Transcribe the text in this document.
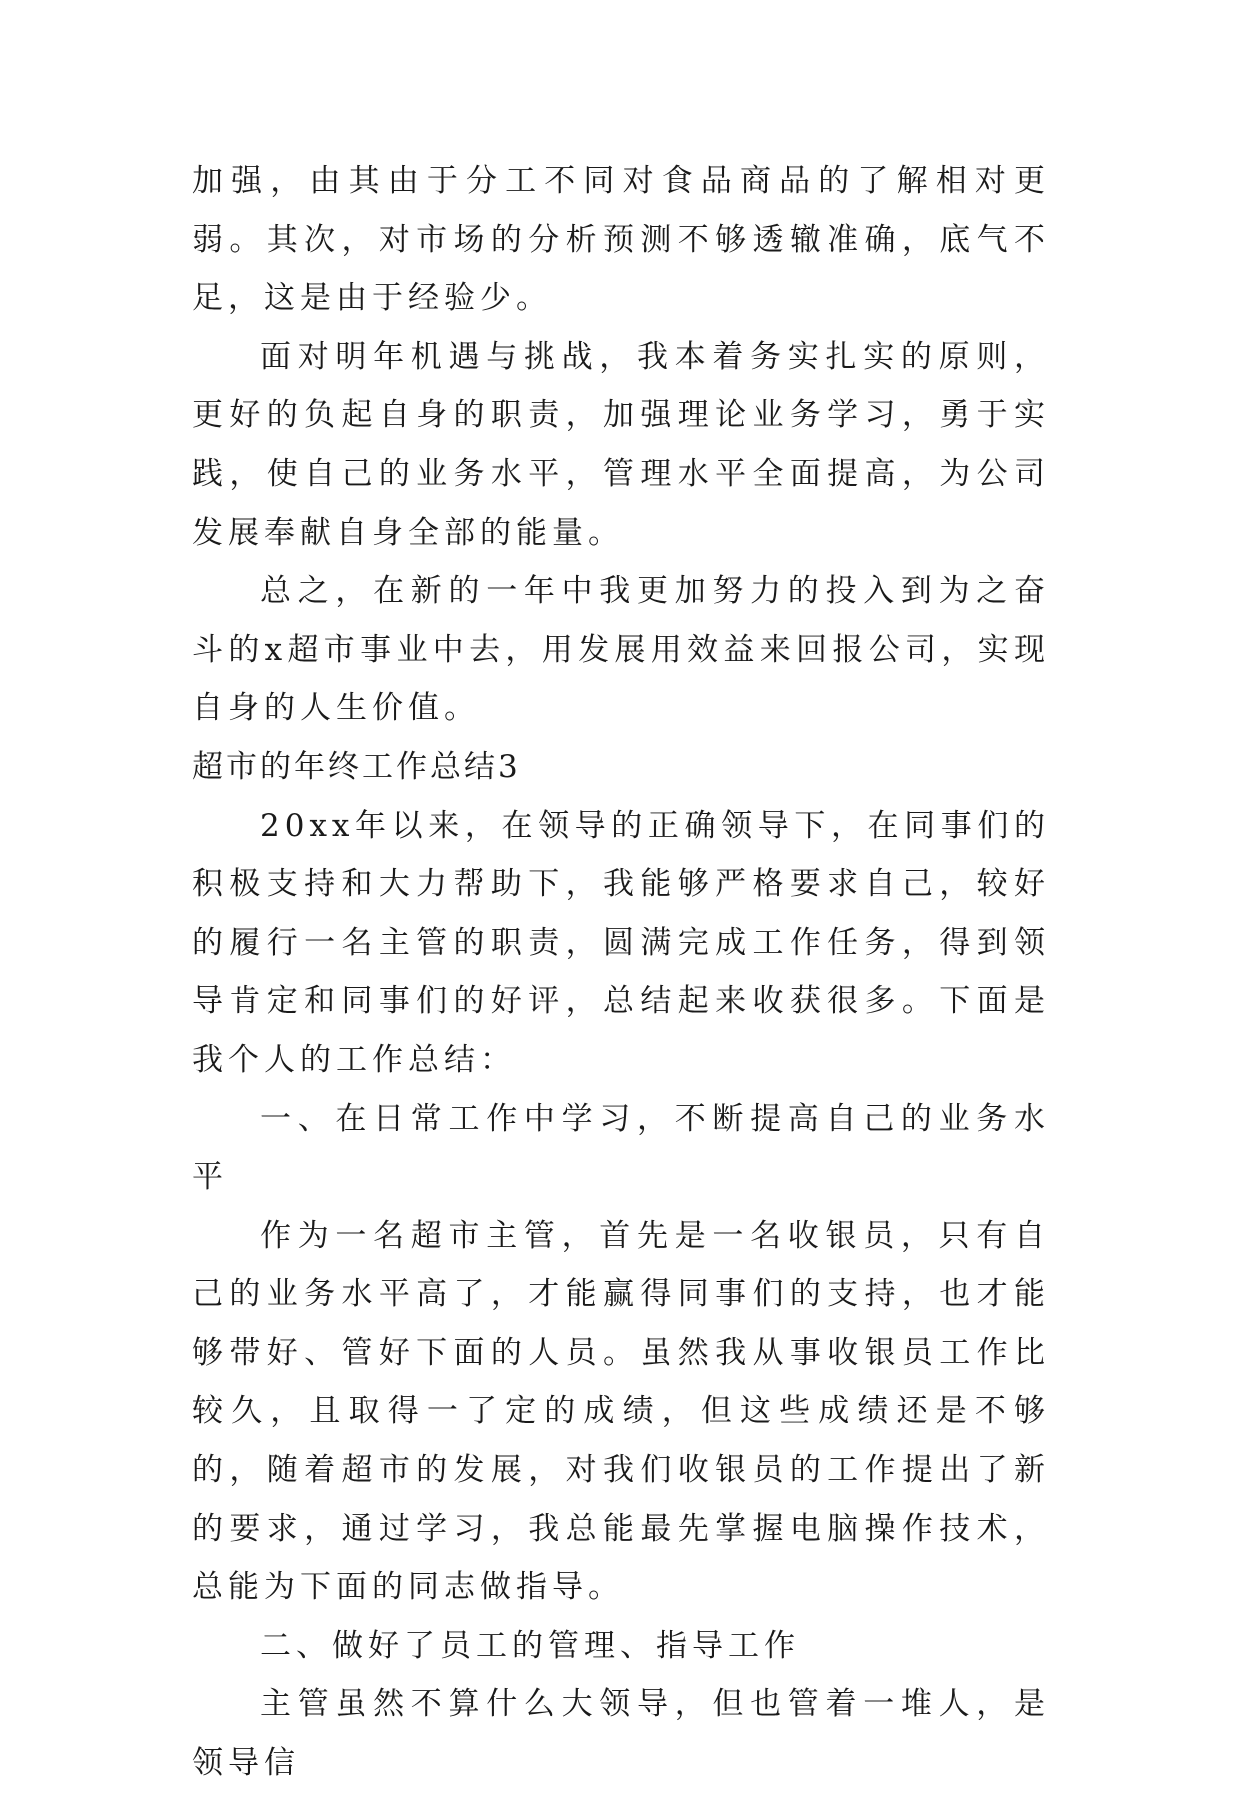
加强，由其由于分工不同对食品商品的了解相对更弱。其次，对市场的分析预测不够透辙准确，底气不足，这是由于经验少。

面对明年机遇与挑战，我本着务实扎实的原则，更好的负起自身的职责，加强理论业务学习，勇于实践，使自己的业务水平，管理水平全面提高，为公司发展奉献自身全部的能量。

总之，在新的一年中我更加努力的投入到为之奋斗的x超市事业中去，用发展用效益来回报公司，实现自身的人生价值。

超市的年终工作总结3

20xx年以来，在领导的正确领导下，在同事们的积极支持和大力帮助下，我能够严格要求自己，较好的履行一名主管的职责，圆满完成工作任务，得到领导肯定和同事们的好评，总结起来收获很多。下面是我个人的工作总结：

一、在日常工作中学习，不断提高自己的业务水平

作为一名超市主管，首先是一名收银员，只有自己的业务水平高了，才能赢得同事们的支持，也才能够带好、管好下面的人员。虽然我从事收银员工作比较久，且取得一了定的成绩，但这些成绩还是不够的，随着超市的发展，对我们收银员的工作提出了新的要求，通过学习，我总能最先掌握电脑操作技术，总能为下面的同志做指导。

二、做好了员工的管理、指导工作

主管虽然不算什么大领导，但也管着一堆人，是领导信
